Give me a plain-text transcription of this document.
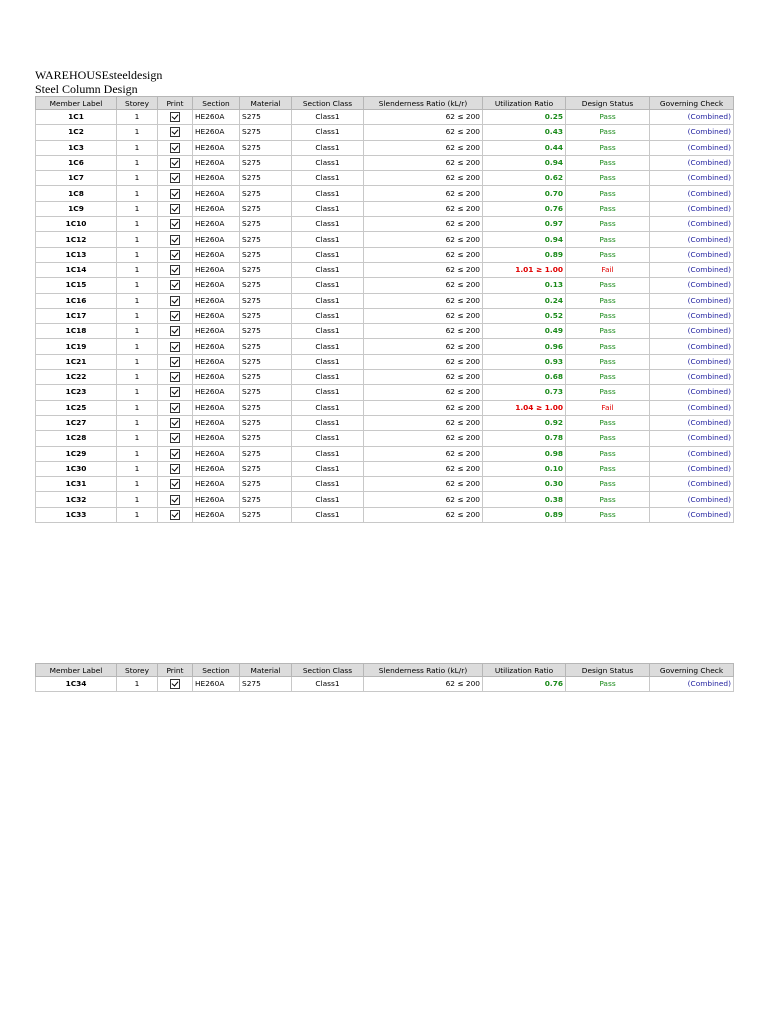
WAREHOUSEsteeldesign
Steel Column Design
Member Label	Storey	Print	Section	Material	Section Class	Slenderness Ratio (kL/r)	Utilization Ratio	Design Status	Governing Check
1C1	1		HE260A	S275	Class1	62 ≤ 200	0.25	Pass	(Combined)
1C2	1		HE260A	S275	Class1	62 ≤ 200	0.43	Pass	(Combined)
1C3	1		HE260A	S275	Class1	62 ≤ 200	0.44	Pass	(Combined)
1C6	1		HE260A	S275	Class1	62 ≤ 200	0.94	Pass	(Combined)
1C7	1		HE260A	S275	Class1	62 ≤ 200	0.62	Pass	(Combined)
1C8	1		HE260A	S275	Class1	62 ≤ 200	0.70	Pass	(Combined)
1C9	1		HE260A	S275	Class1	62 ≤ 200	0.76	Pass	(Combined)
1C10	1		HE260A	S275	Class1	62 ≤ 200	0.97	Pass	(Combined)
1C12	1		HE260A	S275	Class1	62 ≤ 200	0.94	Pass	(Combined)
1C13	1		HE260A	S275	Class1	62 ≤ 200	0.89	Pass	(Combined)
1C14	1		HE260A	S275	Class1	62 ≤ 200	1.01 ≥ 1.00	Fail	(Combined)
1C15	1		HE260A	S275	Class1	62 ≤ 200	0.13	Pass	(Combined)
1C16	1		HE260A	S275	Class1	62 ≤ 200	0.24	Pass	(Combined)
1C17	1		HE260A	S275	Class1	62 ≤ 200	0.52	Pass	(Combined)
1C18	1		HE260A	S275	Class1	62 ≤ 200	0.49	Pass	(Combined)
1C19	1		HE260A	S275	Class1	62 ≤ 200	0.96	Pass	(Combined)
1C21	1		HE260A	S275	Class1	62 ≤ 200	0.93	Pass	(Combined)
1C22	1		HE260A	S275	Class1	62 ≤ 200	0.68	Pass	(Combined)
1C23	1		HE260A	S275	Class1	62 ≤ 200	0.73	Pass	(Combined)
1C25	1		HE260A	S275	Class1	62 ≤ 200	1.04 ≥ 1.00	Fail	(Combined)
1C27	1		HE260A	S275	Class1	62 ≤ 200	0.92	Pass	(Combined)
1C28	1		HE260A	S275	Class1	62 ≤ 200	0.78	Pass	(Combined)
1C29	1		HE260A	S275	Class1	62 ≤ 200	0.98	Pass	(Combined)
1C30	1		HE260A	S275	Class1	62 ≤ 200	0.10	Pass	(Combined)
1C31	1		HE260A	S275	Class1	62 ≤ 200	0.30	Pass	(Combined)
1C32	1		HE260A	S275	Class1	62 ≤ 200	0.38	Pass	(Combined)
1C33	1		HE260A	S275	Class1	62 ≤ 200	0.89	Pass	(Combined)
Member Label	Storey	Print	Section	Material	Section Class	Slenderness Ratio (kL/r)	Utilization Ratio	Design Status	Governing Check
1C34	1		HE260A	S275	Class1	62 ≤ 200	0.76	Pass	(Combined)
